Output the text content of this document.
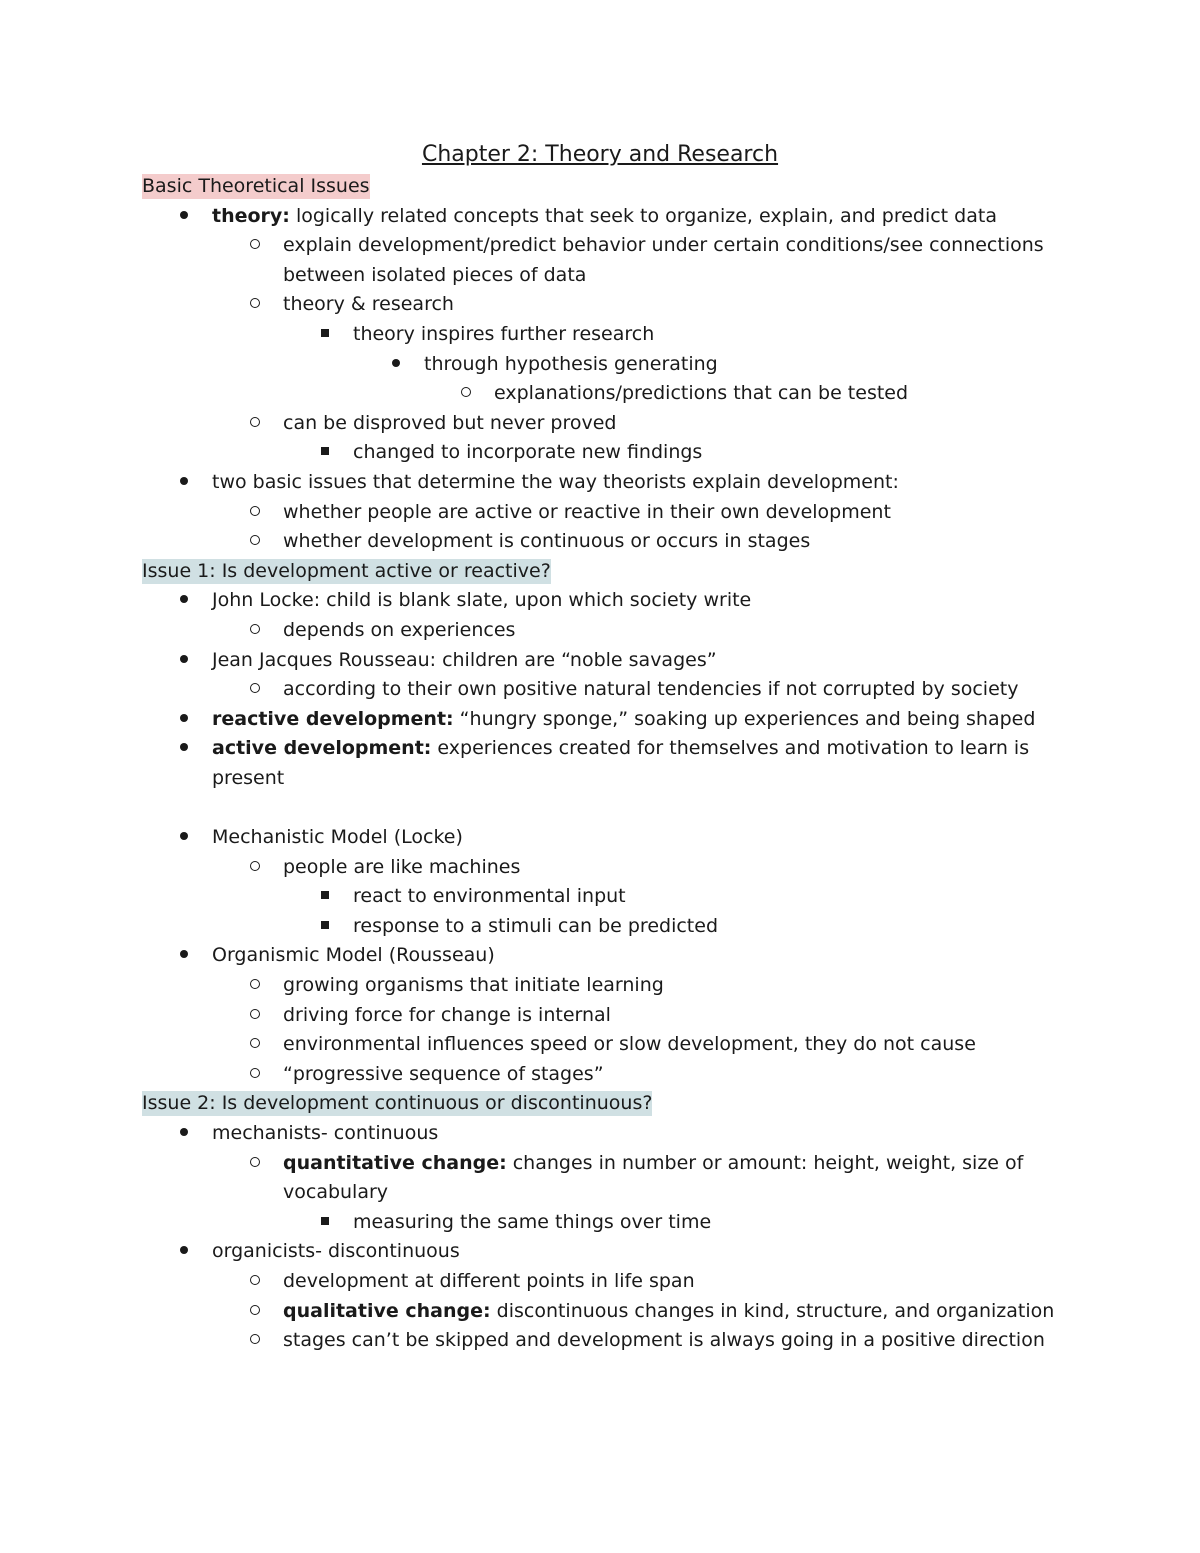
Chapter 2: Theory and Research
Basic Theoretical Issues
theory: logically related concepts that seek to organize, explain, and predict data
explain development/predict behavior under certain conditions/see connections
between isolated pieces of data
theory & research
theory inspires further research
through hypothesis generating
explanations/predictions that can be tested
can be disproved but never proved
changed to incorporate new findings
two basic issues that determine the way theorists explain development:
whether people are active or reactive in their own development
whether development is continuous or occurs in stages
Issue 1: Is development active or reactive?
John Locke: child is blank slate, upon which society write
depends on experiences
Jean Jacques Rousseau: children are “noble savages”
according to their own positive natural tendencies if not corrupted by society
reactive development: “hungry sponge,” soaking up experiences and being shaped
active development: experiences created for themselves and motivation to learn is
present
Mechanistic Model (Locke)
people are like machines
react to environmental input
response to a stimuli can be predicted
Organismic Model (Rousseau)
growing organisms that initiate learning
driving force for change is internal
environmental influences speed or slow development, they do not cause
“progressive sequence of stages”
Issue 2: Is development continuous or discontinuous?
mechanists- continuous
quantitative change: changes in number or amount: height, weight, size of
vocabulary
measuring the same things over time
organicists- discontinuous
development at different points in life span
qualitative change: discontinuous changes in kind, structure, and organization
stages can’t be skipped and development is always going in a positive direction
